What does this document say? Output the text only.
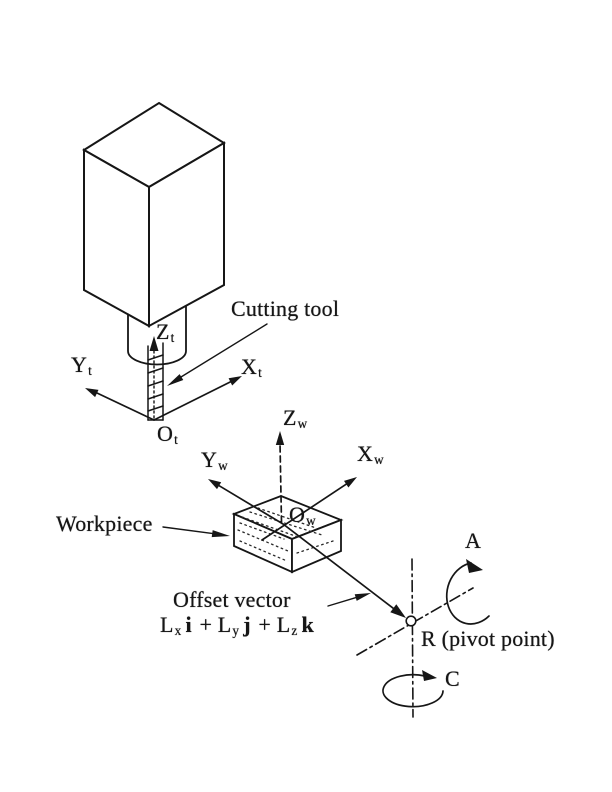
Cutting tool
$Z_t$
$Y_t$	$X_t$
$O_t$
$Z_w$
$Y_w$	$X_w$
$O_w$
Workpiece
Offset vector
$L_x$ $i + L_y$ $j + L_z$ k
R (pivot point)
A
C
